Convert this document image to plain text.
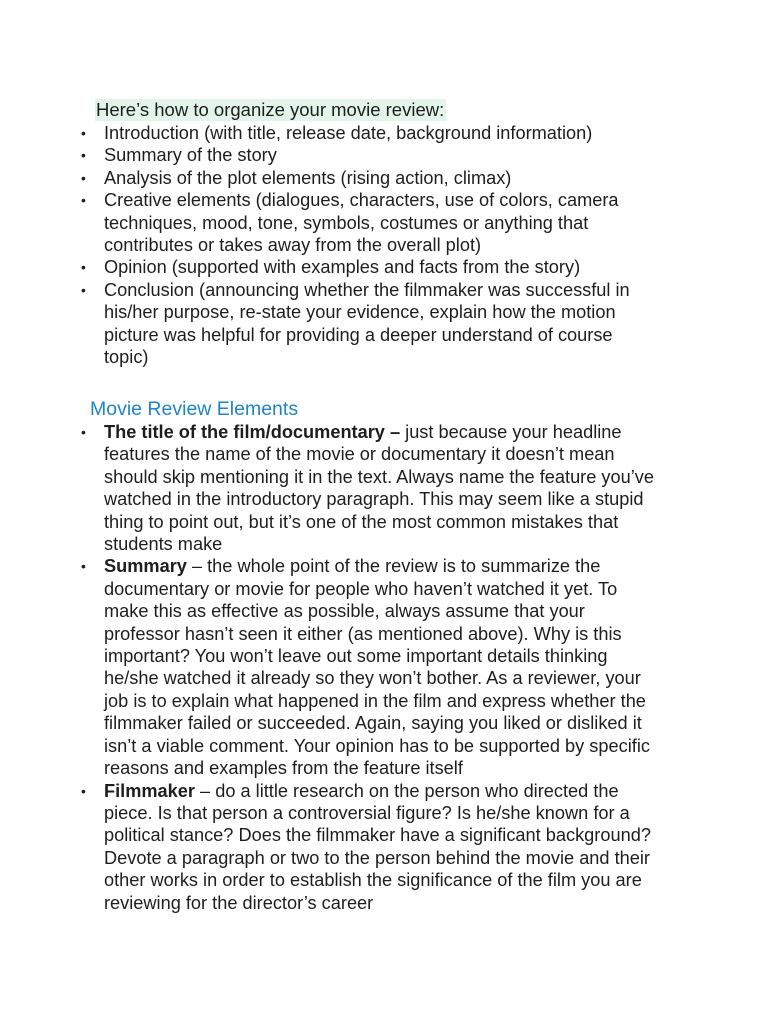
Here’s how to organize your movie review:
• Introduction (with title, release date, background information)
• Summary of the story
• Analysis of the plot elements (rising action, climax)
• Creative elements (dialogues, characters, use of colors, camera
techniques, mood, tone, symbols, costumes or anything that
contributes or takes away from the overall plot)
• Opinion (supported with examples and facts from the story)
• Conclusion (announcing whether the filmmaker was successful in
his/her purpose, re-state your evidence, explain how the motion
picture was helpful for providing a deeper understand of course
topic)
Movie Review Elements
• The title of the film/documentary – just because your headline
features the name of the movie or documentary it doesn’t mean
should skip mentioning it in the text. Always name the feature you’ve
watched in the introductory paragraph. This may seem like a stupid
thing to point out, but it’s one of the most common mistakes that
students make
• Summary – the whole point of the review is to summarize the
documentary or movie for people who haven’t watched it yet. To
make this as effective as possible, always assume that your
professor hasn’t seen it either (as mentioned above). Why is this
important? You won’t leave out some important details thinking
he/she watched it already so they won’t bother. As a reviewer, your
job is to explain what happened in the film and express whether the
filmmaker failed or succeeded. Again, saying you liked or disliked it
isn’t a viable comment. Your opinion has to be supported by specific
reasons and examples from the feature itself
• Filmmaker – do a little research on the person who directed the
piece. Is that person a controversial figure? Is he/she known for a
political stance? Does the filmmaker have a significant background?
Devote a paragraph or two to the person behind the movie and their
other works in order to establish the significance of the film you are
reviewing for the director’s career
